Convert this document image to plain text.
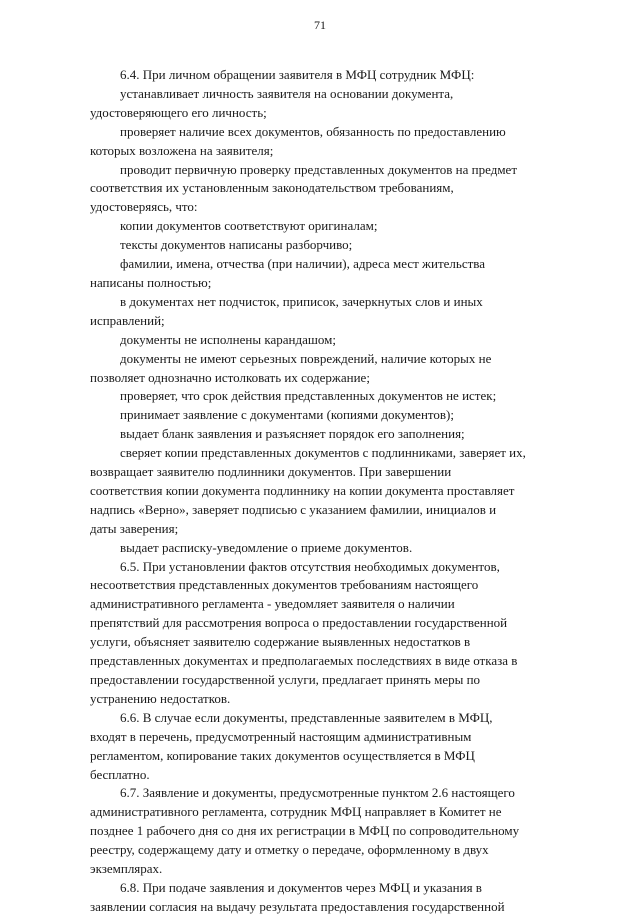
71

6.4. При личном обращении заявителя в МФЦ сотрудник МФЦ:

устанавливает личность заявителя на основании документа,
удостоверяющего его личность;

проверяет наличие всех документов, обязанность по предоставлению
которых возложена на заявителя;

проводит первичную проверку представленных документов на предмет
соответствия их установленным законодательством требованиям,
удостоверяясь, что:

копии документов соответствуют оригиналам;

тексты документов написаны разборчиво;

фамилии, имена, отчества (при наличии), адреса мест жительства
написаны полностью;

в документах нет подчисток, приписок, зачеркнутых слов и иных
исправлений;

документы не исполнены карандашом;

документы не имеют серьезных повреждений, наличие которых не
позволяет однозначно истолковать их содержание;

проверяет, что срок действия представленных документов не истек;

принимает заявление с документами (копиями документов);

выдает бланк заявления и разъясняет порядок его заполнения;

сверяет копии представленных документов с подлинниками, заверяет их,
возвращает заявителю подлинники документов. При завершении
соответствия копии документа подлиннику на копии документа проставляет
надпись «Верно», заверяет подписью с указанием фамилии, инициалов и
даты заверения;

выдает расписку-уведомление о приеме документов.

6.5. При установлении фактов отсутствия необходимых документов,
несоответствия представленных документов требованиям настоящего
административного регламента - уведомляет заявителя о наличии
препятствий для рассмотрения вопроса о предоставлении государственной
услуги, объясняет заявителю содержание выявленных недостатков в
представленных документах и предполагаемых последствиях в виде отказа в
предоставлении государственной услуги, предлагает принять меры по
устранению недостатков.

6.6. В случае если документы, представленные заявителем в МФЦ,
входят в перечень, предусмотренный настоящим административным
регламентом, копирование таких документов осуществляется в МФЦ
бесплатно.

6.7. Заявление и документы, предусмотренные пунктом 2.6 настоящего
административного регламента, сотрудник МФЦ направляет в Комитет не
позднее 1 рабочего дня со дня их регистрации в МФЦ по сопроводительному
реестру, содержащему дату и отметку о передаче, оформленному в двух
экземплярах.

6.8. При подаче заявления и документов через МФЦ и указания в
заявлении согласия на выдачу результата предоставления государственной
